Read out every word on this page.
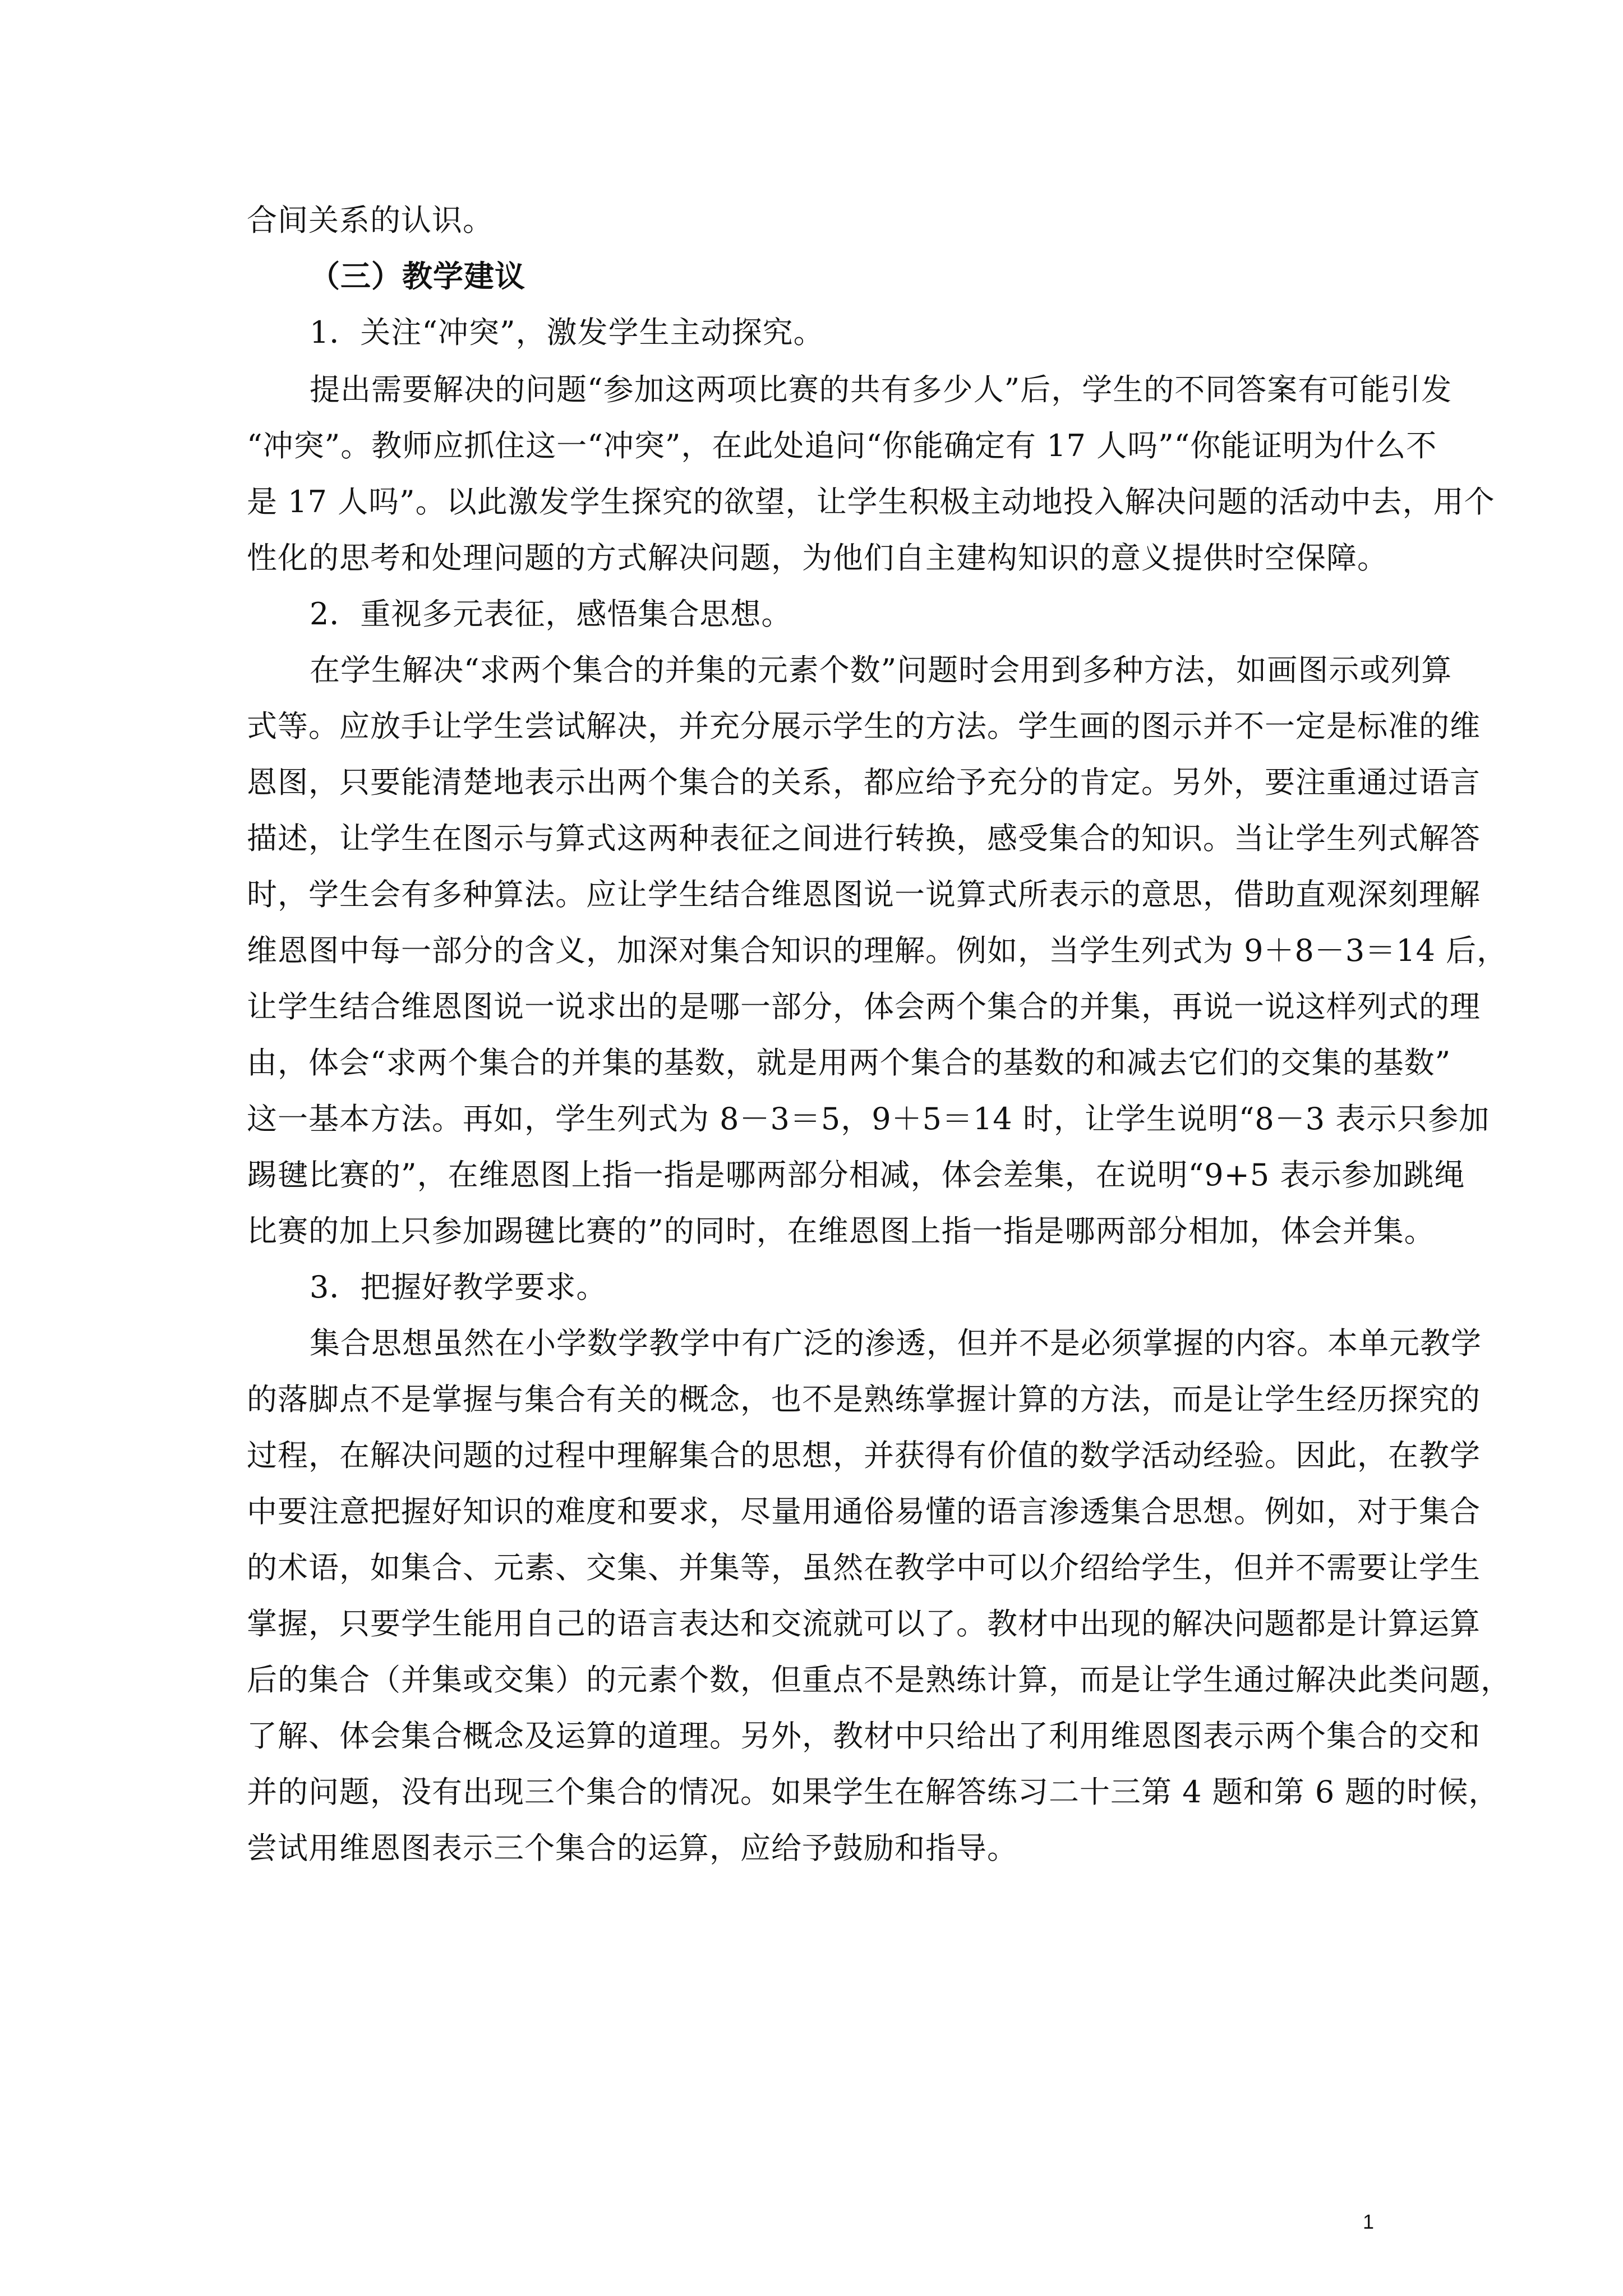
合间关系的认识。
（三）教学建议
1．关注“冲突”，激发学生主动探究。
提出需要解决的问题“参加这两项比赛的共有多少人”后，学生的不同答案有可能引发
“冲突”。教师应抓住这一“冲突”，在此处追问“你能确定有 17 人吗”“你能证明为什么不
是 17 人吗”。以此激发学生探究的欲望，让学生积极主动地投入解决问题的活动中去，用个
性化的思考和处理问题的方式解决问题，为他们自主建构知识的意义提供时空保障。
2．重视多元表征，感悟集合思想。
在学生解决“求两个集合的并集的元素个数”问题时会用到多种方法，如画图示或列算
式等。应放手让学生尝试解决，并充分展示学生的方法。学生画的图示并不一定是标准的维
恩图，只要能清楚地表示出两个集合的关系，都应给予充分的肯定。另外，要注重通过语言
描述，让学生在图示与算式这两种表征之间进行转换，感受集合的知识。当让学生列式解答
时，学生会有多种算法。应让学生结合维恩图说一说算式所表示的意思，借助直观深刻理解
维恩图中每一部分的含义，加深对集合知识的理解。例如，当学生列式为 9＋8－3＝14 后，
让学生结合维恩图说一说求出的是哪一部分，体会两个集合的并集，再说一说这样列式的理
由，体会“求两个集合的并集的基数，就是用两个集合的基数的和减去它们的交集的基数”
这一基本方法。再如，学生列式为 8－3＝5，9＋5＝14 时，让学生说明“8－3 表示只参加
踢毽比赛的”，在维恩图上指一指是哪两部分相减，体会差集，在说明“9+5 表示参加跳绳
比赛的加上只参加踢毽比赛的”的同时，在维恩图上指一指是哪两部分相加，体会并集。
3．把握好教学要求。
集合思想虽然在小学数学教学中有广泛的渗透，但并不是必须掌握的内容。本单元教学
的落脚点不是掌握与集合有关的概念，也不是熟练掌握计算的方法，而是让学生经历探究的
过程，在解决问题的过程中理解集合的思想，并获得有价值的数学活动经验。因此，在教学
中要注意把握好知识的难度和要求，尽量用通俗易懂的语言渗透集合思想。例如，对于集合
的术语，如集合、元素、交集、并集等，虽然在教学中可以介绍给学生，但并不需要让学生
掌握，只要学生能用自己的语言表达和交流就可以了。教材中出现的解决问题都是计算运算
后的集合（并集或交集）的元素个数，但重点不是熟练计算，而是让学生通过解决此类问题，
了解、体会集合概念及运算的道理。另外，教材中只给出了利用维恩图表示两个集合的交和
并的问题，没有出现三个集合的情况。如果学生在解答练习二十三第 4 题和第 6 题的时候，
尝试用维恩图表示三个集合的运算，应给予鼓励和指导。
1
